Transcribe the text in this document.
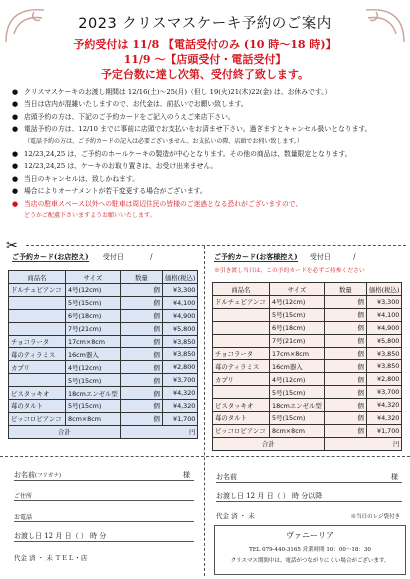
2023 クリスマスケーキ予約のご案内
予約受付は 11/8 【電話受付のみ (10 時〜18 時)】
11/9 〜【店頭受付・電話受付】
予定台数に達し次第、受付終了致します。
● クリスマスケーキのお渡し期間は 12/16(土)〜25(月)（但し 19(火)21(木)22(金) は、お休みです。）
● 当日は店内が混雑いたしますので、お代金は、前払いでお願い致します。
● 店頭予約の方は、下記のご予約カードをご記入のうえご来店下さい。
● 電話予約の方は、12/10 までに事前に店頭でお支払いをお済ませ下さい。過ぎますとキャンセル扱いとなります。
（電話予約の方は、ご予約カードの記入は必要ございません。お支払いの際、店頭でお伺い致します。）
● 12/23,24,25 は、ご予約のホールケーキの製造が中心となります。その他の商品は、数量限定となります。
● 12/23,24,25 は、ケーキのお取り置きは、お受け出来ません。
● 当日のキャンセルは、致しかねます。
● 場合によりオーナメントが若干変更する場合がございます。
● 当店の駐車スペース以外への駐車は周辺住民の皆様のご迷惑となる恐れがございますので、
どうかご配慮下さいますようお願いいたします。
✂
ご予約カード(お店控え) 受付日	/
商品名	サイズ	数量	価格(税込)
ドルチェピアンコ	4号(12cm)	個	¥3,300
	5号(15cm)	個	¥4,100
	6号(18cm)	個	¥4,900
	7号(21cm)	個	¥5,800
チョコラータ	17cm×8cm	個	¥3,850
苺のティラミス	16cm器入	個	¥3,850
カプリ	4号(12cm)	個	¥2,800
	5号(15cm)	個	¥3,700
ピスタッキオ	18cmエンゼル型	個	¥4,320
苺のタルト	5号(15cm)	個	¥4,320
ピッコロピアンコ	8cm×8cm	個	¥1,700
合計		円	
お名前(フリガナ)	様
ご住所
お電話
お渡し日 12 月 日（ ） 時 分
代金 済 ・ 未 ＴＥＬ・店
ご予約カード(お客様控え) 受付日	/
※引き渡し当日は、この予約カードを必ずご持参ください
商品名	サイズ	数量	価格(税込)
ドルチェピアンコ	4号(12cm)	個	¥3,300
	5号(15cm)	個	¥4,100
	6号(18cm)	個	¥4,900
	7号(21cm)	個	¥5,800
チョコラータ	17cm×8cm	個	¥3,850
苺のティラミス	16cm器入	個	¥3,850
カプリ	4号(12cm)	個	¥2,800
	5号(15cm)	個	¥3,700
ピスタッキオ	18cmエンゼル型	個	¥4,320
苺のタルト	5号(15cm)	個	¥4,320
ピッコロピアンコ	8cm×8cm	個	¥1,700
合計		円	
お名前	様
お渡し日 12 月 日（ ） 時 分以降
代金 済 ・ 未	※当日のレジ袋付き
ヴァニーリア
TEL 079-440-3165 営業時間 10：00〜18：30
クリスマス期間中は、電話がつながりにくい場合がございます。
